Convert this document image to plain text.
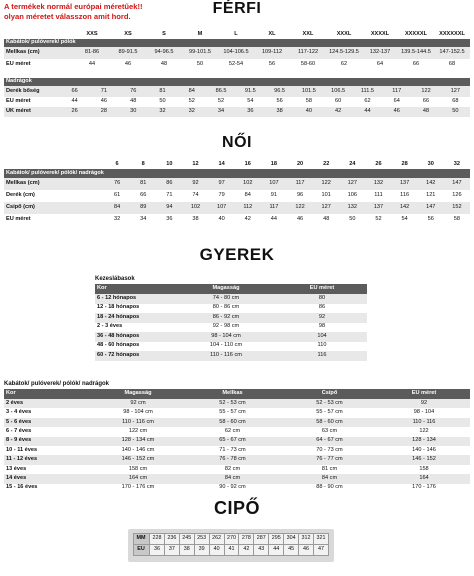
A termékek normál európai méretűek!!
olyan méretet válasszon amit hord.	FÉRFI
	XXS	XS	S	M	L	XL	XXL	XXXL	XXXXL	XXXXXL	XXXXXXL
Kabátok/ pulóverek/ pólók											
Mellkas (cm)	81-86	89-91.5	94-96.5	99-101.5	104-106.5	109-112	117-122	124.5-129.5	132-137	139.5-144.5	147-152.5
EU méret	44	46	48	50	52-54	56	58-60	62	64	66	68
Nadrágok														
Derék bőség	66	71	76	81	84	86.5	91.5	96.5	101.5	106.5	111.5	117	122	127
EU méret	44	46	48	50	52	52	54	56	58	60	62	64	66	68
UK méret	26	28	30	32	32	34	36	38	40	42	44	46	48	50
NŐI
	6	8	10	12	14	16	18	20	22	24	26	28	30	32
Kabátok/ pulóverek/ pólók/ nadrágok														
Mellkas (cm)	76	81	86	92	97	102	107	117	122	127	132	137	142	147
Derék (cm)	61	66	71	74	79	84	91	96	101	106	111	116	121	126
Csípő (cm)	84	89	94	102	107	112	117	122	127	132	137	142	147	152
EU méret	32	34	36	38	40	42	44	46	48	50	52	54	56	58
GYEREK
Kezeslábasok
Kor	Magasság	EU méret
6 - 12 hónapos	74 - 80 cm	80
12 - 18 hónapos	80 - 86 cm	86
18 - 24 hónapos	86 - 92 cm	92
2 - 3 éves	92 - 98 cm	98
36 - 48 hónapos	98 - 104 cm	104
48 - 60 hónapos	104 - 110 cm	110
60 - 72 hónapos	110 - 116 cm	116
Kabátok/ pulóverek/ pólók/ nadrágok
Kor	Magasság	Mellkas	Csípő	EU méret
2 éves	92 cm	52 - 53 cm	52 - 53 cm	92
3 - 4 éves	98 - 104 cm	55 - 57 cm	55 - 57 cm	98 - 104
5 - 6 éves	110 - 116 cm	58 - 60 cm	58 - 60 cm	110 - 116
6 - 7 éves	122 cm	62 cm	63 cm	122
8 - 9 éves	128 - 134 cm	65 - 67 cm	64 - 67 cm	128 - 134
10 - 11 éves	140 - 146 cm	71 - 73 cm	70 - 73 cm	140 - 146
11 - 12 éves	146 - 152 cm	76 - 78 cm	76 - 77 cm	146 - 152
13 éves	158 cm	82 cm	81 cm	158
14 éves	164 cm	84 cm	84 cm	164
15 - 16 éves	170 - 176 cm	90 - 92 cm	88 - 90 cm	170 - 176
CIPŐ
MM	228	236	245	253	262	270	278	287	295	304	312	321
EU	36	37	38	39	40	41	42	43	44	45	46	47
